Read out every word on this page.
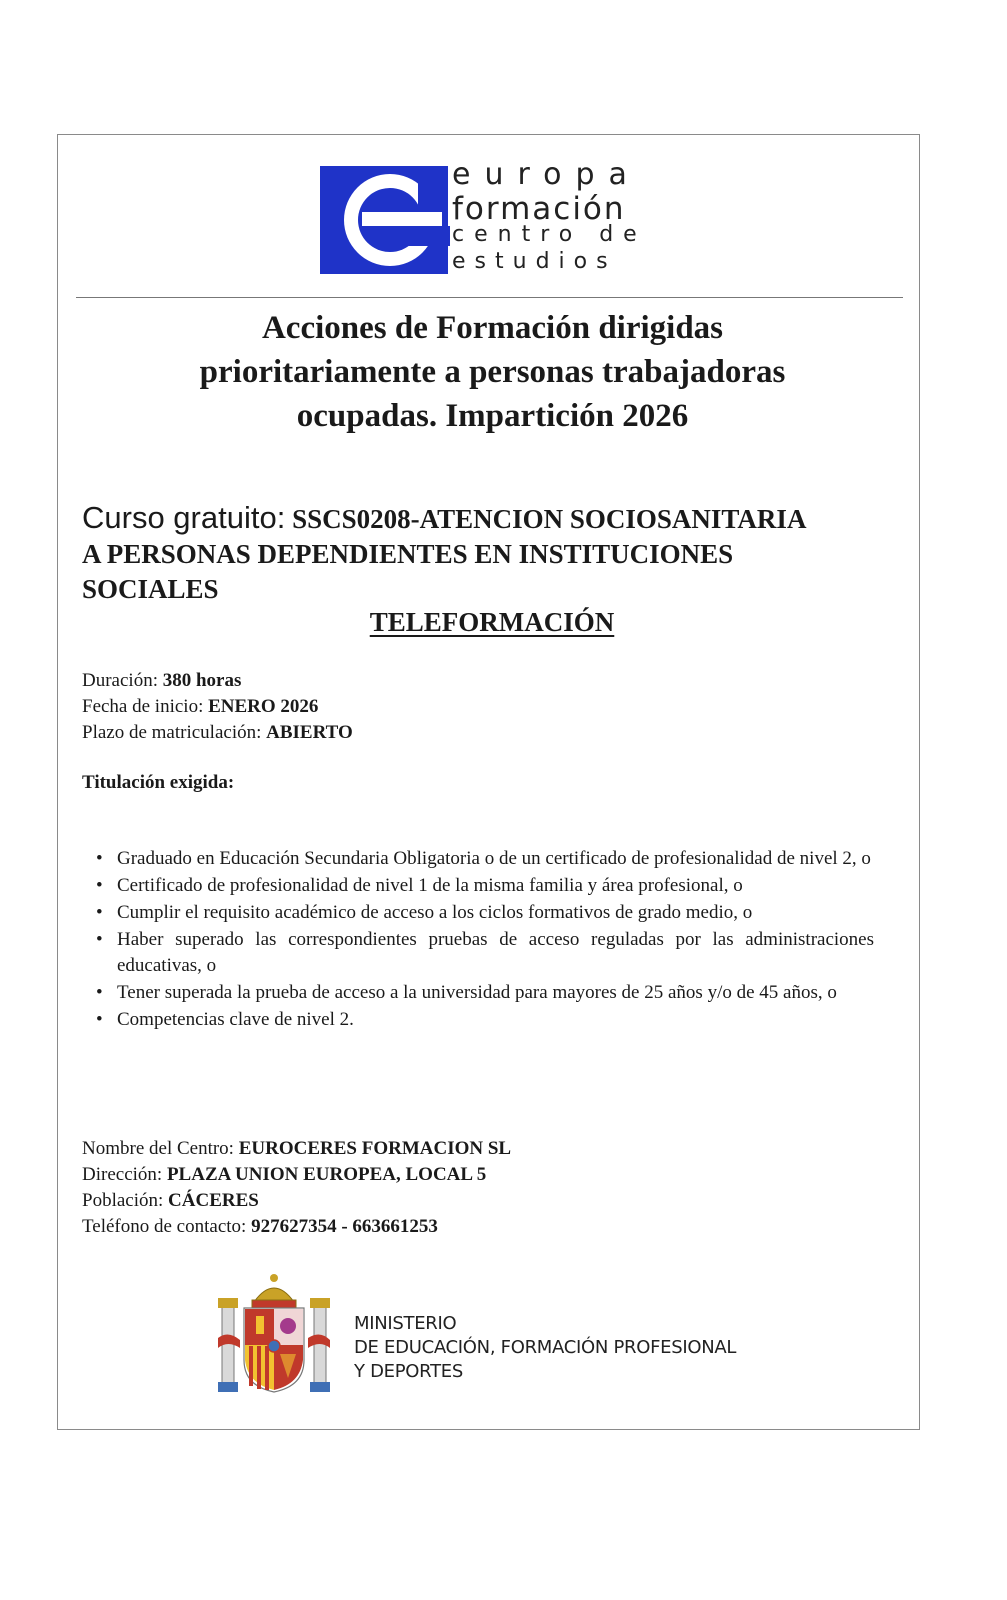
europa
formación
centro de
estudios
Acciones de Formación dirigidas
prioritariamente a personas trabajadoras
ocupadas. Impartición 2026
Curso gratuito: SSCS0208-ATENCION SOCIOSANITARIA
A PERSONAS DEPENDIENTES EN INSTITUCIONES
SOCIALES
TELEFORMACIÓN
Duración: 380 horas
Fecha de inicio: ENERO 2026
Plazo de matriculación: ABIERTO
Titulación exigida:
• Graduado en Educación Secundaria Obligatoria o de un certificado de profesionalidad de nivel 2, o
• Certificado de profesionalidad de nivel 1 de la misma familia y área profesional, o
• Cumplir el requisito académico de acceso a los ciclos formativos de grado medio, o
• Haber superado las correspondientes pruebas de acceso reguladas por las administraciones educativas, o
• Tener superada la prueba de acceso a la universidad para mayores de 25 años y/o de 45 años, o
• Competencias clave de nivel 2.
Nombre del Centro: EUROCERES FORMACION SL
Dirección: PLAZA UNION EUROPEA, LOCAL 5
Población: CÁCERES
Teléfono de contacto: 927627354 - 663661253
MINISTERIO
DE EDUCACIÓN, FORMACIÓN PROFESIONAL
Y DEPORTES
